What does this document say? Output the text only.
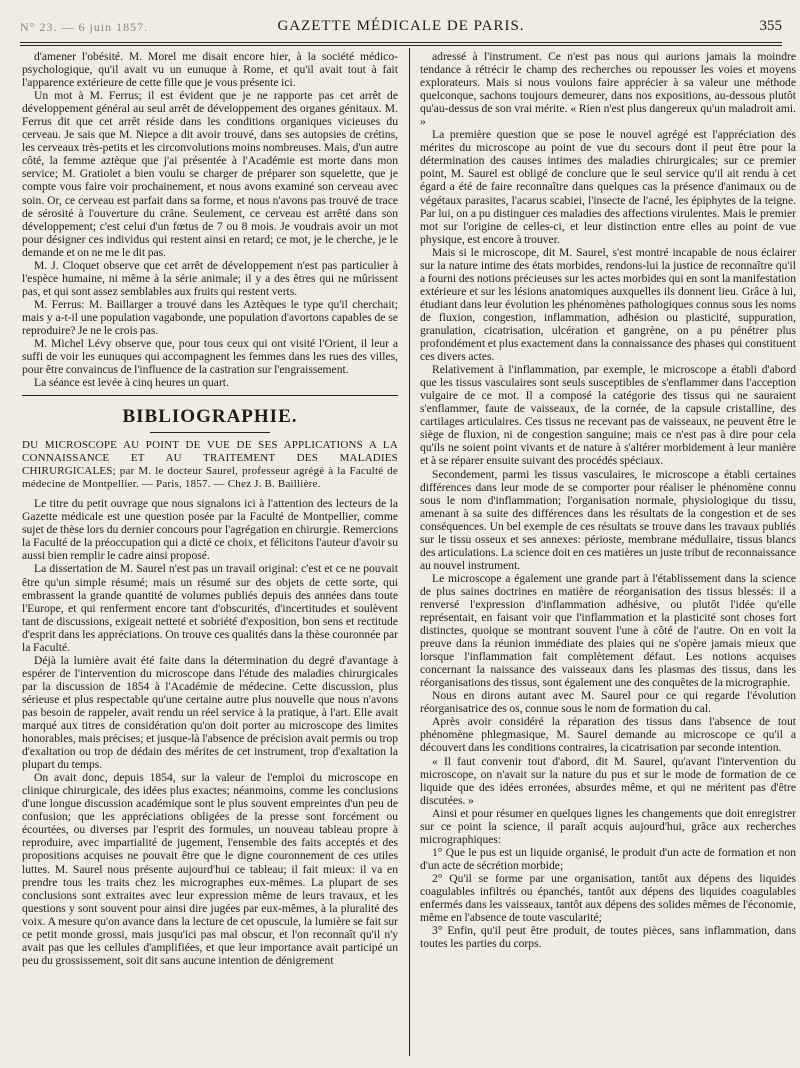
N° 23. — 6 juin 1857.	GAZETTE MÉDICALE DE PARIS.	355

d'amener l'obésité. M. Morel me disait encore hier, à la société médico-psychologique, qu'il avait vu un eunuque à Rome, et qu'il avait tout à fait l'apparence extérieure de cette fille que je vous présente ici.

Un mot à M. Ferrus; il est évident que je ne rapporte pas cet arrêt de développement général au seul arrêt de développement des organes génitaux. M. Ferrus dit que cet arrêt réside dans les conditions organiques vicieuses du cerveau. Je sais que M. Niepce a dit avoir trouvé, dans ses autopsies de crétins, les cerveaux très-petits et les circonvolutions moins nombreuses. Mais, d'un autre côté, la femme aztèque que j'ai présentée à l'Académie est morte dans mon service; M. Gratiolet a bien voulu se charger de préparer son squelette, que je compte vous faire voir prochainement, et nous avons examiné son cerveau avec soin. Or, ce cerveau est parfait dans sa forme, et nous n'avons pas trouvé de trace de sérosité à l'ouverture du crâne. Seulement, ce cerveau est arrêté dans son développement; c'est celui d'un fœtus de 7 ou 8 mois. Je voudrais avoir un mot pour désigner ces individus qui restent ainsi en retard; ce mot, je le cherche, je le demande et on ne me le dit pas.

M. J. Cloquet observe que cet arrêt de développement n'est pas particulier à l'espèce humaine, ni même à la série animale; il y a des êtres qui ne mûrissent pas, et qui sont assez semblables aux fruits qui restent verts.

M. Ferrus: M. Baillarger a trouvé dans les Aztèques le type qu'il cherchait; mais y a-t-il une population vagabonde, une population d'avortons capables de se reproduire? Je ne le crois pas.

M. Michel Lévy observe que, pour tous ceux qui ont visité l'Orient, il leur a suffi de voir les eunuques qui accompagnent les femmes dans les rues des villes, pour être convaincus de l'influence de la castration sur l'engraissement.

La séance est levée à cinq heures un quart.

BIBLIOGRAPHIE.

DU MICROSCOPE AU POINT DE VUE DE SES APPLICATIONS A LA CONNAISSANCE ET AU TRAITEMENT DES MALADIES CHIRURGICALES; par M. le docteur Saurel, professeur agrégé à la Faculté de médecine de Montpellier. — Paris, 1857. — Chez J. B. Baillière.

Le titre du petit ouvrage que nous signalons ici à l'attention des lecteurs de la Gazette médicale est une question posée par la Faculté de Montpellier, comme sujet de thèse lors du dernier concours pour l'agrégation en chirurgie. Remercions la Faculté de la préoccupation qui a dicté ce choix, et félicitons l'auteur d'avoir su aussi bien remplir le cadre ainsi proposé.

La dissertation de M. Saurel n'est pas un travail original: c'est et ce ne pouvait être qu'un simple résumé; mais un résumé sur des objets de cette sorte, qui embrassent la grande quantité de volumes publiés depuis des années dans toute l'Europe, et qui renferment encore tant d'obscurités, d'incertitudes et soulèvent tant de discussions, exigeait netteté et sobriété d'exposition, bon sens et rectitude d'esprit dans les appréciations. On trouve ces qualités dans la thèse couronnée par la Faculté.

Déjà la lumière avait été faite dans la détermination du degré d'avantage à espérer de l'intervention du microscope dans l'étude des maladies chirurgicales par la discussion de 1854 à l'Académie de médecine. Cette discussion, plus sérieuse et plus respectable qu'une certaine autre plus nouvelle que nous n'avons pas besoin de rappeler, avait rendu un réel service à la pratique, à l'art. Elle avait marqué aux titres de considération qu'on doit porter au microscope des limites honorables, mais précises; et jusque-là l'absence de précision avait permis ou trop d'exaltation ou trop de dédain des mérites de cet instrument, trop d'exaltation la plupart du temps.

On avait donc, depuis 1854, sur la valeur de l'emploi du microscope en clinique chirurgicale, des idées plus exactes; néanmoins, comme les conclusions d'une longue discussion académique sont le plus souvent empreintes d'un peu de confusion; que les appréciations obligées de la presse sont forcément ou écourtées, ou diverses par l'esprit des formules, un nouveau tableau propre à reproduire, avec impartialité de jugement, l'ensemble des faits acceptés et des propositions acquises ne pouvait être que le digne couronnement de ces utiles luttes. M. Saurel nous présente aujourd'hui ce tableau; il fait mieux: il va en prendre tous les traits chez les micrographes eux-mêmes. La plupart de ses conclusions sont extraites avec leur expression même de leurs travaux, et les questions y sont souvent pour ainsi dire jugées par eux-mêmes, à la pluralité des voix. A mesure qu'on avance dans la lecture de cet opuscule, la lumière se fait sur ce petit monde grossi, mais jusqu'ici pas mal obscur, et l'on reconnaît qu'il n'y avait pas que les cellules d'amplifiées, et que leur importance avait participé un peu du grossissement, soit dit sans aucune intention de dénigrement

adressé à l'instrument. Ce n'est pas nous qui aurions jamais la moindre tendance à rétrécir le champ des recherches ou repousser les voies et moyens explorateurs. Mais si nous voulons faire apprécier à sa valeur une méthode quelconque, sachons toujours demeurer, dans nos expositions, au-dessous plutôt qu'au-dessus de son vrai mérite. « Rien n'est plus dangereux qu'un maladroit ami. »

La première question que se pose le nouvel agrégé est l'appréciation des mérites du microscope au point de vue du secours dont il peut être pour la détermination des causes intimes des maladies chirurgicales; sur ce premier point, M. Saurel est obligé de conclure que le seul service qu'il ait rendu à cet égard a été de faire reconnaître dans quelques cas la présence d'animaux ou de végétaux parasites, l'acarus scabiei, l'insecte de l'acné, les épiphytes de la teigne. Par lui, on a pu distinguer ces maladies des affections virulentes. Mais le premier mot sur l'origine de celles-ci, et leur distinction entre elles au point de vue physique, est encore à trouver.

Mais si le microscope, dit M. Saurel, s'est montré incapable de nous éclairer sur la nature intime des états morbides, rendons-lui la justice de reconnaître qu'il a fourni des notions précieuses sur les actes morbides qui en sont la manifestation extérieure et sur les lésions anatomiques auxquelles ils donnent lieu. Grâce à lui, étudiant dans leur évolution les phénomènes pathologiques connus sous les noms de fluxion, congestion, inflammation, adhésion ou plasticité, suppuration, granulation, cicatrisation, ulcération et gangrène, on a pu pénétrer plus profondément et plus exactement dans la connaissance des phases qui constituent ces divers actes.

Relativement à l'inflammation, par exemple, le microscope a établi d'abord que les tissus vasculaires sont seuls susceptibles de s'enflammer dans l'acception vulgaire de ce mot. Il a composé la catégorie des tissus qui ne sauraient s'enflammer, faute de vaisseaux, de la cornée, de la capsule cristalline, des cartilages articulaires. Ces tissus ne recevant pas de vaisseaux, ne peuvent être le siège de fluxion, ni de congestion sanguine; mais ce n'est pas à dire pour cela qu'ils ne soient point vivants et de nature à s'altérer morbidement à leur manière et à se réparer ensuite suivant des procédés spéciaux.

Secondement, parmi les tissus vasculaires, le microscope a établi certaines différences dans leur mode de se comporter pour réaliser le phénomène connu sous le nom d'inflammation; l'organisation normale, physiologique du tissu, amenant à sa suite des différences dans les résultats de la congestion et de ses conséquences. Un bel exemple de ces résultats se trouve dans les travaux publiés sur le tissu osseux et ses annexes: périoste, membrane médullaire, tissus blancs des articulations. La science doit en ces matières un juste tribut de reconnaissance au nouvel instrument.

Le microscope a également une grande part à l'établissement dans la science de plus saines doctrines en matière de réorganisation des tissus blessés: il a renversé l'expression d'inflammation adhésive, ou plutôt l'idée qu'elle représentait, en faisant voir que l'inflammation et la plasticité sont choses fort distinctes, quoique se montrant souvent l'une à côté de l'autre. On en voit la preuve dans la réunion immédiate des plaies qui ne s'opère jamais mieux que lorsque l'inflammation fait complètement défaut. Les notions acquises concernant la naissance des vaisseaux dans les plasmas des tissus, dans les réorganisations des tissus, sont également une des conquêtes de la micrographie.

Nous en dirons autant avec M. Saurel pour ce qui regarde l'évolution réorganisatrice des os, connue sous le nom de formation du cal.

Après avoir considéré la réparation des tissus dans l'absence de tout phénomène phlegmasique, M. Saurel demande au microscope ce qu'il a découvert dans les conditions contraires, la cicatrisation par seconde intention.

« Il faut convenir tout d'abord, dit M. Saurel, qu'avant l'intervention du microscope, on n'avait sur la nature du pus et sur le mode de formation de ce liquide que des idées erronées, absurdes même, et qui ne méritent pas d'être discutées. »

Ainsi et pour résumer en quelques lignes les changements que doit enregistrer sur ce point la science, il paraît acquis aujourd'hui, grâce aux recherches micrographiques:

1° Que le pus est un liquide organisé, le produit d'un acte de formation et non d'un acte de sécrétion morbide;

2° Qu'il se forme par une organisation, tantôt aux dépens des liquides coagulables infiltrés ou épanchés, tantôt aux dépens des liquides coagulables enfermés dans les vaisseaux, tantôt aux dépens des solides mêmes de l'économie, même en l'absence de toute vascularité;

3° Enfin, qu'il peut être produit, de toutes pièces, sans inflammation, dans toutes les parties du corps.
